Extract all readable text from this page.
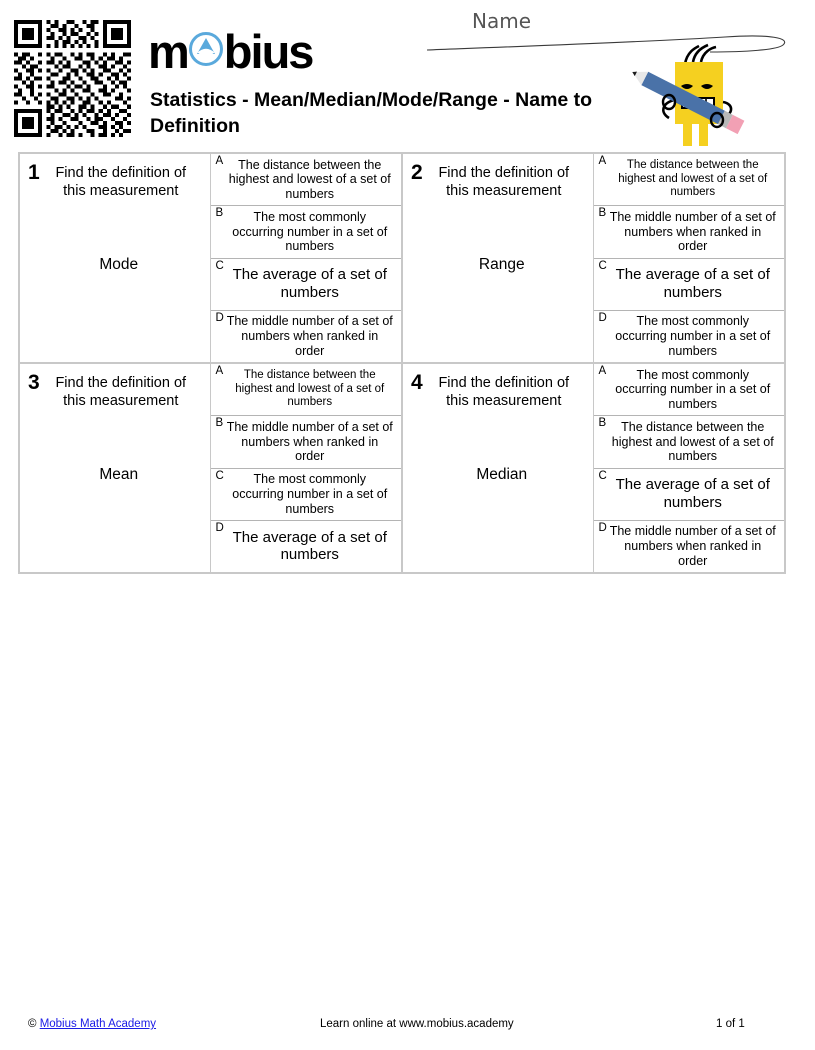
m bius
Statistics - Mean/Median/Mode/Range - Name to Definition
Name
1	Find the definition of this measurement
Mode
A	The distance between the highest and lowest of a set of numbers
B	The most commonly occurring number in a set of numbers
C
The average of a set of numbers
D The middle number of a set of numbers when ranked in order
2	Find the definition of this measurement
Range
A	The distance between the highest and lowest of a set of numbers
B The middle number of a set of numbers when ranked in order
C
The average of a set of numbers
D	The most commonly occurring number in a set of numbers
3	Find the definition of this measurement
Mean
A	The distance between the highest and lowest of a set of numbers
B The middle number of a set of numbers when ranked in order
C	The most commonly occurring number in a set of numbers
D
The average of a set of numbers
4	Find the definition of this measurement
Median
A	The most commonly occurring number in a set of numbers
B	The distance between the highest and lowest of a set of numbers
C
The average of a set of numbers
D The middle number of a set of numbers when ranked in order
© Mobius Math Academy	Learn online at www.mobius.academy	1 of 1
